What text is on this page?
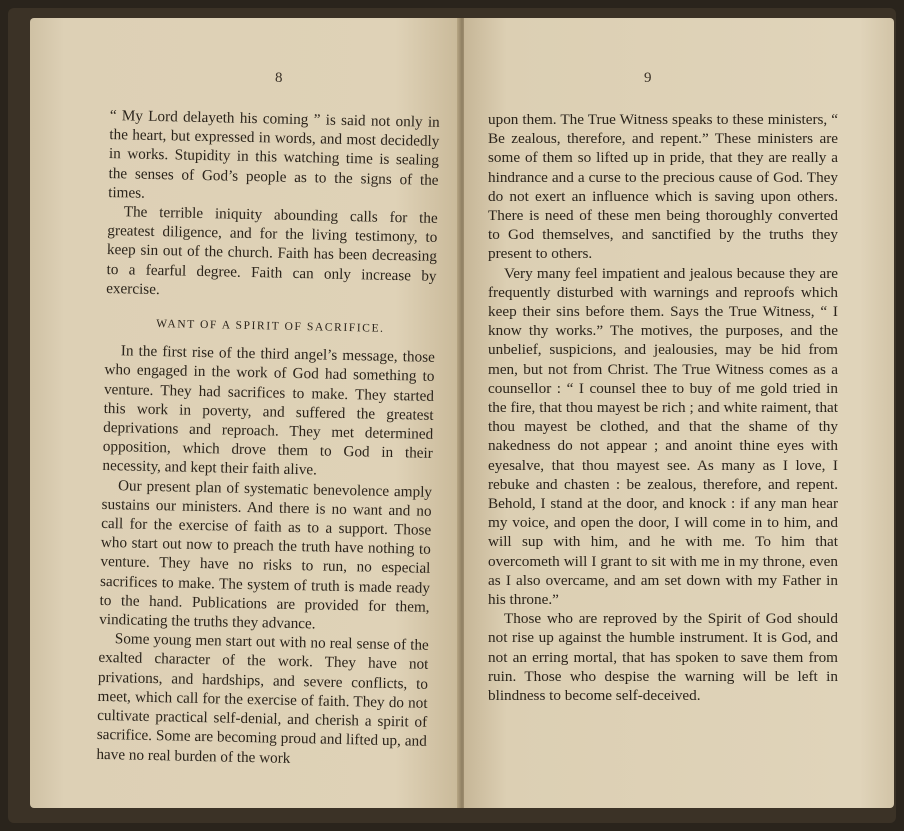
8

“ My Lord delayeth his coming ” is said not only in the heart, but expressed in words, and most decidedly in works. Stupidity in this watching time is sealing the senses of God’s people as to the signs of the times.

The terrible iniquity abounding calls for the greatest diligence, and for the living testimony, to keep sin out of the church. Faith has been decreasing to a fearful degree. Faith can only increase by exercise.

WANT OF A SPIRIT OF SACRIFICE.

In the first rise of the third angel’s message, those who engaged in the work of God had something to venture. They had sacrifices to make. They started this work in poverty, and suffered the greatest deprivations and reproach. They met determined opposition, which drove them to God in their necessity, and kept their faith alive.

Our present plan of systematic benevolence amply sustains our ministers. And there is no want and no call for the exercise of faith as to a support. Those who start out now to preach the truth have nothing to venture. They have no risks to run, no especial sacrifices to make. The system of truth is made ready to the hand. Publications are provided for them, vindicating the truths they advance.

Some young men start out with no real sense of the exalted character of the work. They have not privations, and hardships, and severe conflicts, to meet, which call for the exercise of faith. They do not cultivate practical self-denial, and cherish a spirit of sacrifice. Some are becoming proud and lifted up, and have no real burden of the work

9

upon them. The True Witness speaks to these ministers, “ Be zealous, therefore, and repent.” These ministers are some of them so lifted up in pride, that they are really a hindrance and a curse to the precious cause of God. They do not exert an influence which is saving upon others. There is need of these men being thoroughly converted to God themselves, and sanctified by the truths they present to others.

Very many feel impatient and jealous because they are frequently disturbed with warnings and reproofs which keep their sins before them. Says the True Witness, “ I know thy works.” The motives, the purposes, and the unbelief, suspicions, and jealousies, may be hid from men, but not from Christ. The True Witness comes as a counsellor : “ I counsel thee to buy of me gold tried in the fire, that thou mayest be rich ; and white raiment, that thou mayest be clothed, and that the shame of thy nakedness do not appear ; and anoint thine eyes with eyesalve, that thou mayest see. As many as I love, I rebuke and chasten : be zealous, therefore, and repent. Behold, I stand at the door, and knock : if any man hear my voice, and open the door, I will come in to him, and will sup with him, and he with me. To him that overcometh will I grant to sit with me in my throne, even as I also overcame, and am set down with my Father in his throne.”

Those who are reproved by the Spirit of God should not rise up against the humble instrument. It is God, and not an erring mortal, that has spoken to save them from ruin. Those who despise the warning will be left in blindness to become self-deceived.
